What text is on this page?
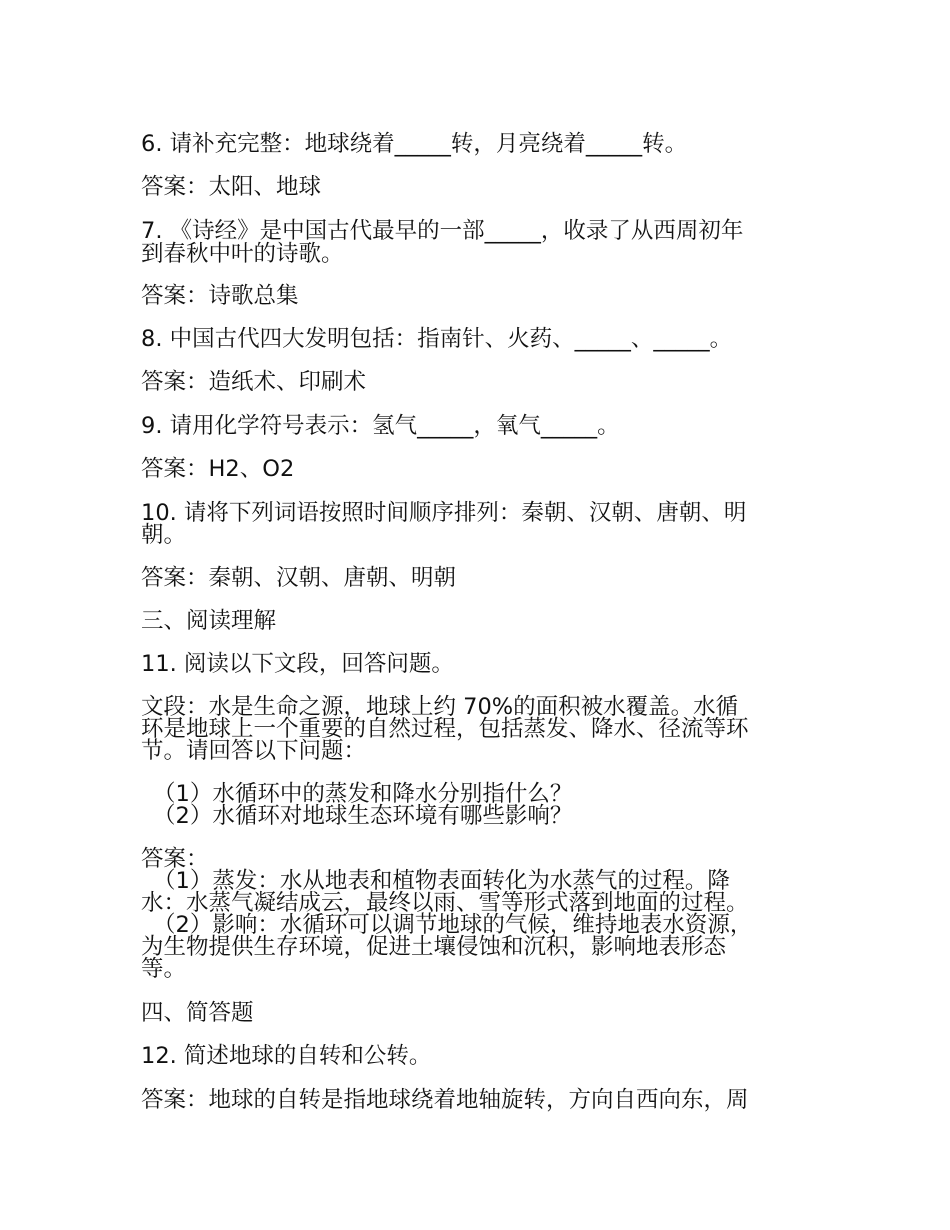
6. 请补充完整：地球绕着_____转，月亮绕着_____转。
答案：太阳、地球
7. 《诗经》是中国古代最早的一部_____，收录了从西周初年
到春秋中叶的诗歌。
答案：诗歌总集
8. 中国古代四大发明包括：指南针、火药、_____、_____。
答案：造纸术、印刷术
9. 请用化学符号表示：氢气_____，氧气_____。
答案：H2、O2
10. 请将下列词语按照时间顺序排列：秦朝、汉朝、唐朝、明
朝。
答案：秦朝、汉朝、唐朝、明朝
三、阅读理解
11. 阅读以下文段，回答问题。
文段：水是生命之源，地球上约 70%的面积被水覆盖。水循
环是地球上一个重要的自然过程，包括蒸发、降水、径流等环
节。请回答以下问题：
（1）水循环中的蒸发和降水分别指什么？
（2）水循环对地球生态环境有哪些影响？
答案：
（1）蒸发：水从地表和植物表面转化为水蒸气的过程。降
水：水蒸气凝结成云，最终以雨、雪等形式落到地面的过程。
（2）影响：水循环可以调节地球的气候，维持地表水资源，
为生物提供生存环境，促进土壤侵蚀和沉积，影响地表形态
等。
四、简答题
12. 简述地球的自转和公转。
答案：地球的自转是指地球绕着地轴旋转，方向自西向东，周
